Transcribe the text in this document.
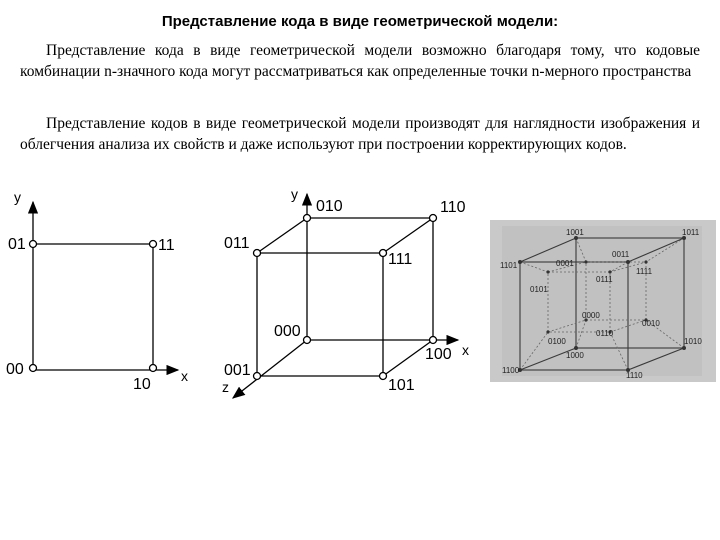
Представление кода в виде геометрической модели:
Представление кода в виде геометрической модели возможно благодаря тому, что кодовые комбинации n-значного кода могут рассматриваться как определенные точки n-мерного пространства
Представление кодов в виде геометрической модели производят для наглядности изображения и облегчения анализа их свойств и даже используют при построении корректирующих кодов.
y
x
01	11
00
10
y
x
z
010	110
011
111
000
100
001
101
1001	1011
1101	0001
0011
1111
0101
0111
0000
0010
0100
0110
1000
1010
1100
1110
